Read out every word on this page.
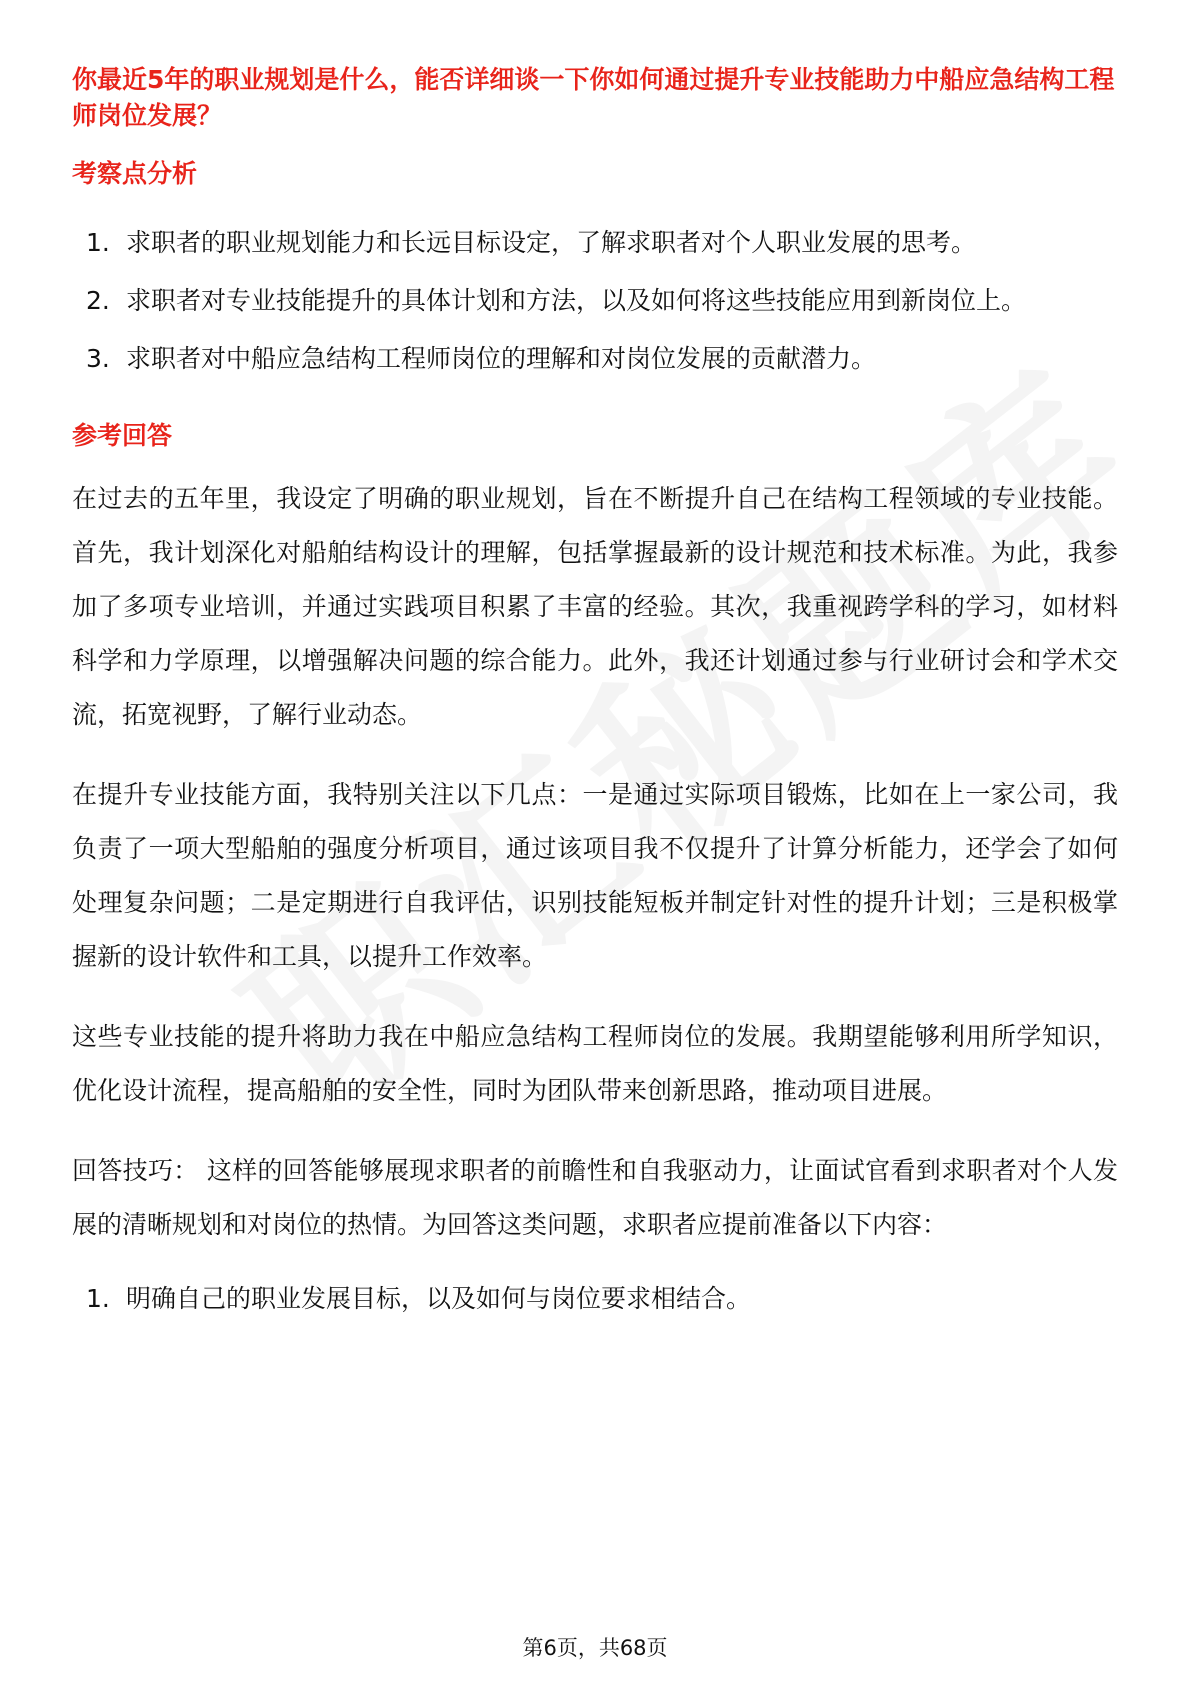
你最近5年的职业规划是什么，能否详细谈一下你如何通过提升专业技能助力中船应急结构工程师岗位发展？

考察点分析

1. 求职者的职业规划能力和长远目标设定，了解求职者对个人职业发展的思考。
2. 求职者对专业技能提升的具体计划和方法，以及如何将这些技能应用到新岗位上。
3. 求职者对中船应急结构工程师岗位的理解和对岗位发展的贡献潜力。

参考回答

在过去的五年里，我设定了明确的职业规划，旨在不断提升自己在结构工程领域的专业技能。首先，我计划深化对船舶结构设计的理解，包括掌握最新的设计规范和技术标准。为此，我参加了多项专业培训，并通过实践项目积累了丰富的经验。其次，我重视跨学科的学习，如材料科学和力学原理，以增强解决问题的综合能力。此外，我还计划通过参与行业研讨会和学术交流，拓宽视野，了解行业动态。

在提升专业技能方面，我特别关注以下几点：一是通过实际项目锻炼，比如在上一家公司，我负责了一项大型船舶的强度分析项目，通过该项目我不仅提升了计算分析能力，还学会了如何处理复杂问题；二是定期进行自我评估，识别技能短板并制定针对性的提升计划；三是积极掌握新的设计软件和工具，以提升工作效率。

这些专业技能的提升将助力我在中船应急结构工程师岗位的发展。我期望能够利用所学知识，优化设计流程，提高船舶的安全性，同时为团队带来创新思路，推动项目进展。

回答技巧： 这样的回答能够展现求职者的前瞻性和自我驱动力，让面试官看到求职者对个人发展的清晰规划和对岗位的热情。为回答这类问题，求职者应提前准备以下内容：

1. 明确自己的职业发展目标，以及如何与岗位要求相结合。
第6页，共68页
